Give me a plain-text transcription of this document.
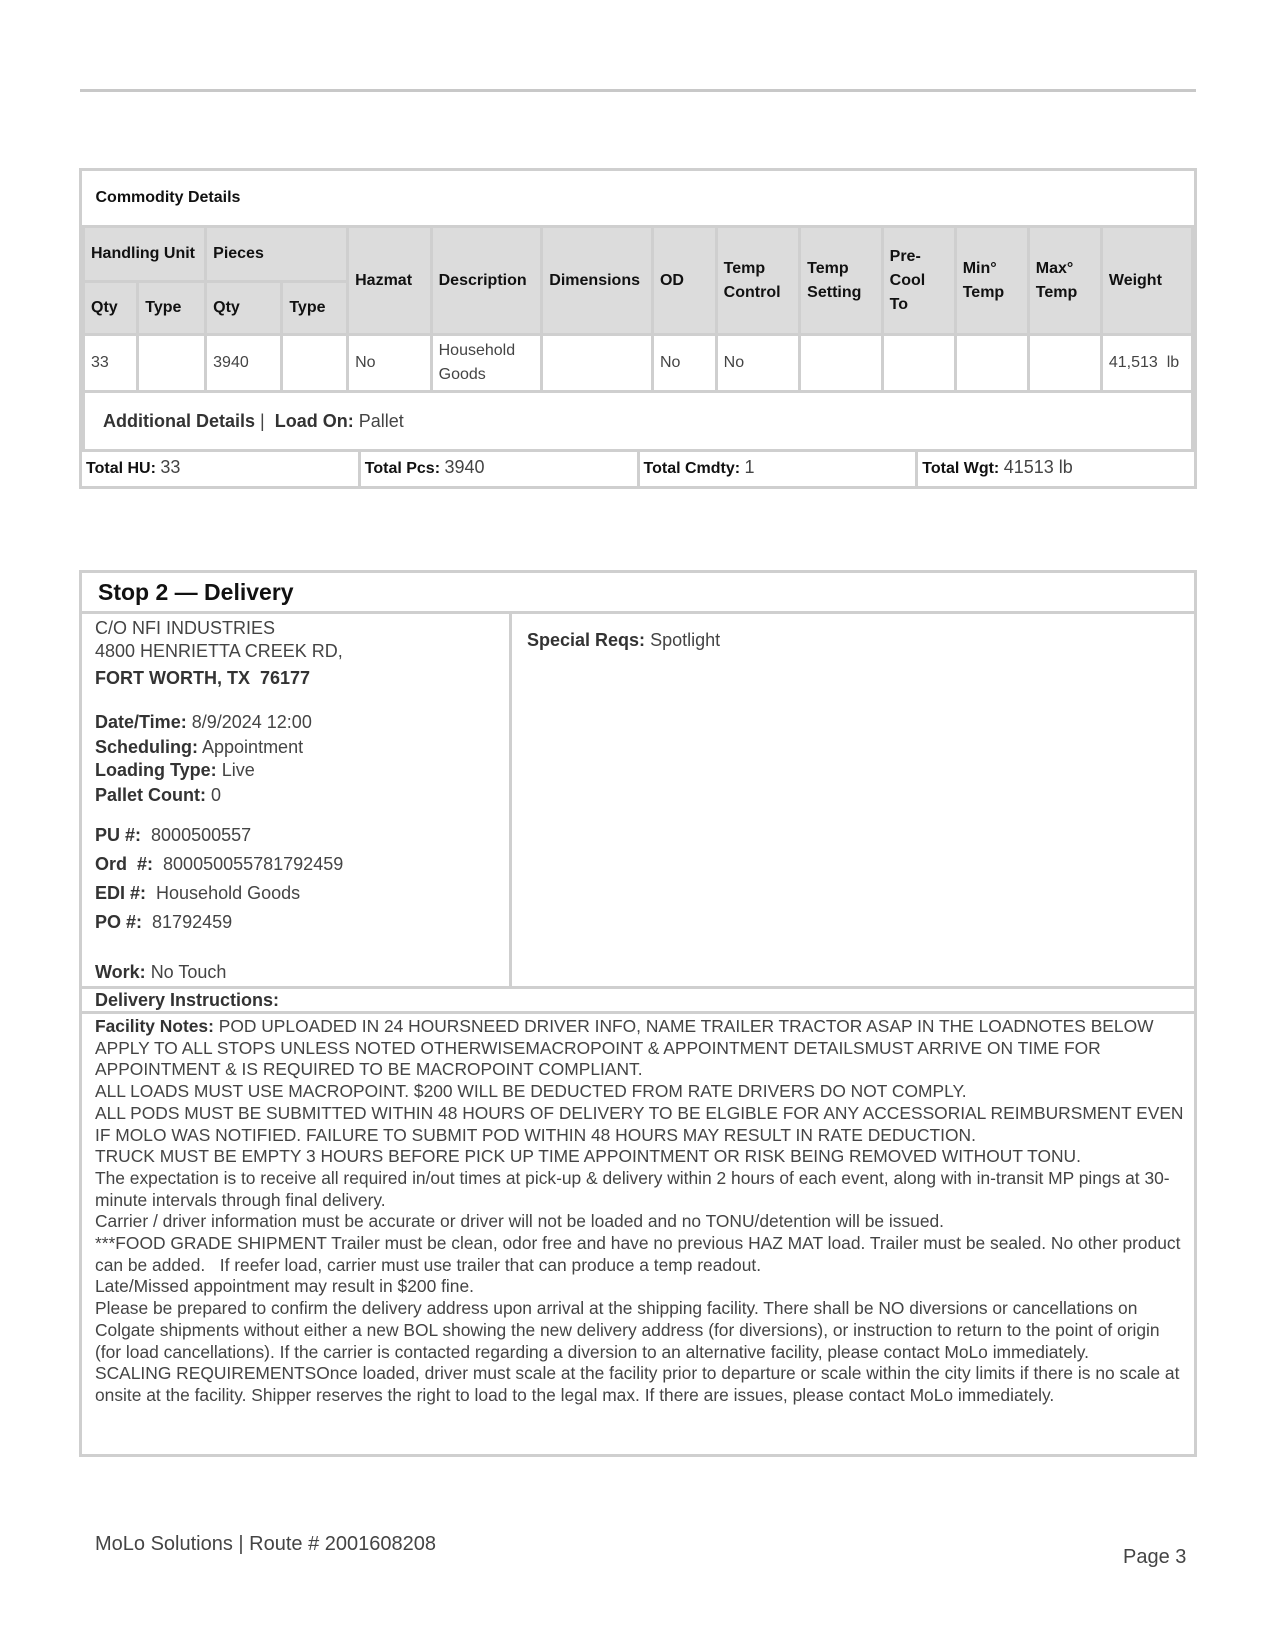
Commodity Details													
Handling Unit		Pieces		Hazmat	Description	Dimensions	OD	Temp Control	Temp Setting	Pre-Cool To	Min° Temp	Max° Temp	Weight
Qty	Type	Qty	Type										
33		3940		No	Household Goods		No	No					41,513  lb
Additional Details | Load On: Pallet													
Total HU: 33	Total Pcs: 3940	Total Cmdty: 1	Total Wgt: 41513 lb
Stop 2 — Delivery
C/O NFI INDUSTRIES
4800 HENRIETTA CREEK RD,
FORT WORTH, TX  76177
Date/Time: 8/9/2024 12:00
Scheduling: Appointment
Loading Type: Live
Pallet Count: 0
PU #: 8000500557
Ord  #: 800050055781792459
EDI #: Household Goods
PO #: 81792459
Work: No Touch
Special Reqs: Spotlight
Delivery Instructions:
Facility Notes: POD UPLOADED IN 24 HOURSNEED DRIVER INFO, NAME TRAILER TRACTOR ASAP IN THE LOADNOTES BELOW APPLY TO ALL STOPS UNLESS NOTED OTHERWISEMACROPOINT & APPOINTMENT DETAILSMUST ARRIVE ON TIME FOR APPOINTMENT & IS REQUIRED TO BE MACROPOINT COMPLIANT.
ALL LOADS MUST USE MACROPOINT. $200 WILL BE DEDUCTED FROM RATE DRIVERS DO NOT COMPLY.
ALL PODS MUST BE SUBMITTED WITHIN 48 HOURS OF DELIVERY TO BE ELGIBLE FOR ANY ACCESSORIAL REIMBURSMENT EVEN IF MOLO WAS NOTIFIED. FAILURE TO SUBMIT POD WITHIN 48 HOURS MAY RESULT IN RATE DEDUCTION.
TRUCK MUST BE EMPTY 3 HOURS BEFORE PICK UP TIME APPOINTMENT OR RISK BEING REMOVED WITHOUT TONU.
The expectation is to receive all required in/out times at pick-up & delivery within 2 hours of each event, along with in-transit MP pings at 30-minute intervals through final delivery.
Carrier / driver information must be accurate or driver will not be loaded and no TONU/detention will be issued.
***FOOD GRADE SHIPMENT Trailer must be clean, odor free and have no previous HAZ MAT load. Trailer must be sealed. No other product can be added.   If reefer load, carrier must use trailer that can produce a temp readout.
Late/Missed appointment may result in $200 fine.
Please be prepared to confirm the delivery address upon arrival at the shipping facility. There shall be NO diversions or cancellations on Colgate shipments without either a new BOL showing the new delivery address (for diversions), or instruction to return to the point of origin (for load cancellations). If the carrier is contacted regarding a diversion to an alternative facility, please contact MoLo immediately.
SCALING REQUIREMENTSOnce loaded, driver must scale at the facility prior to departure or scale within the city limits if there is no scale at onsite at the facility. Shipper reserves the right to load to the legal max. If there are issues, please contact MoLo immediately.
MoLo Solutions | Route # 2001608208
Page 3
